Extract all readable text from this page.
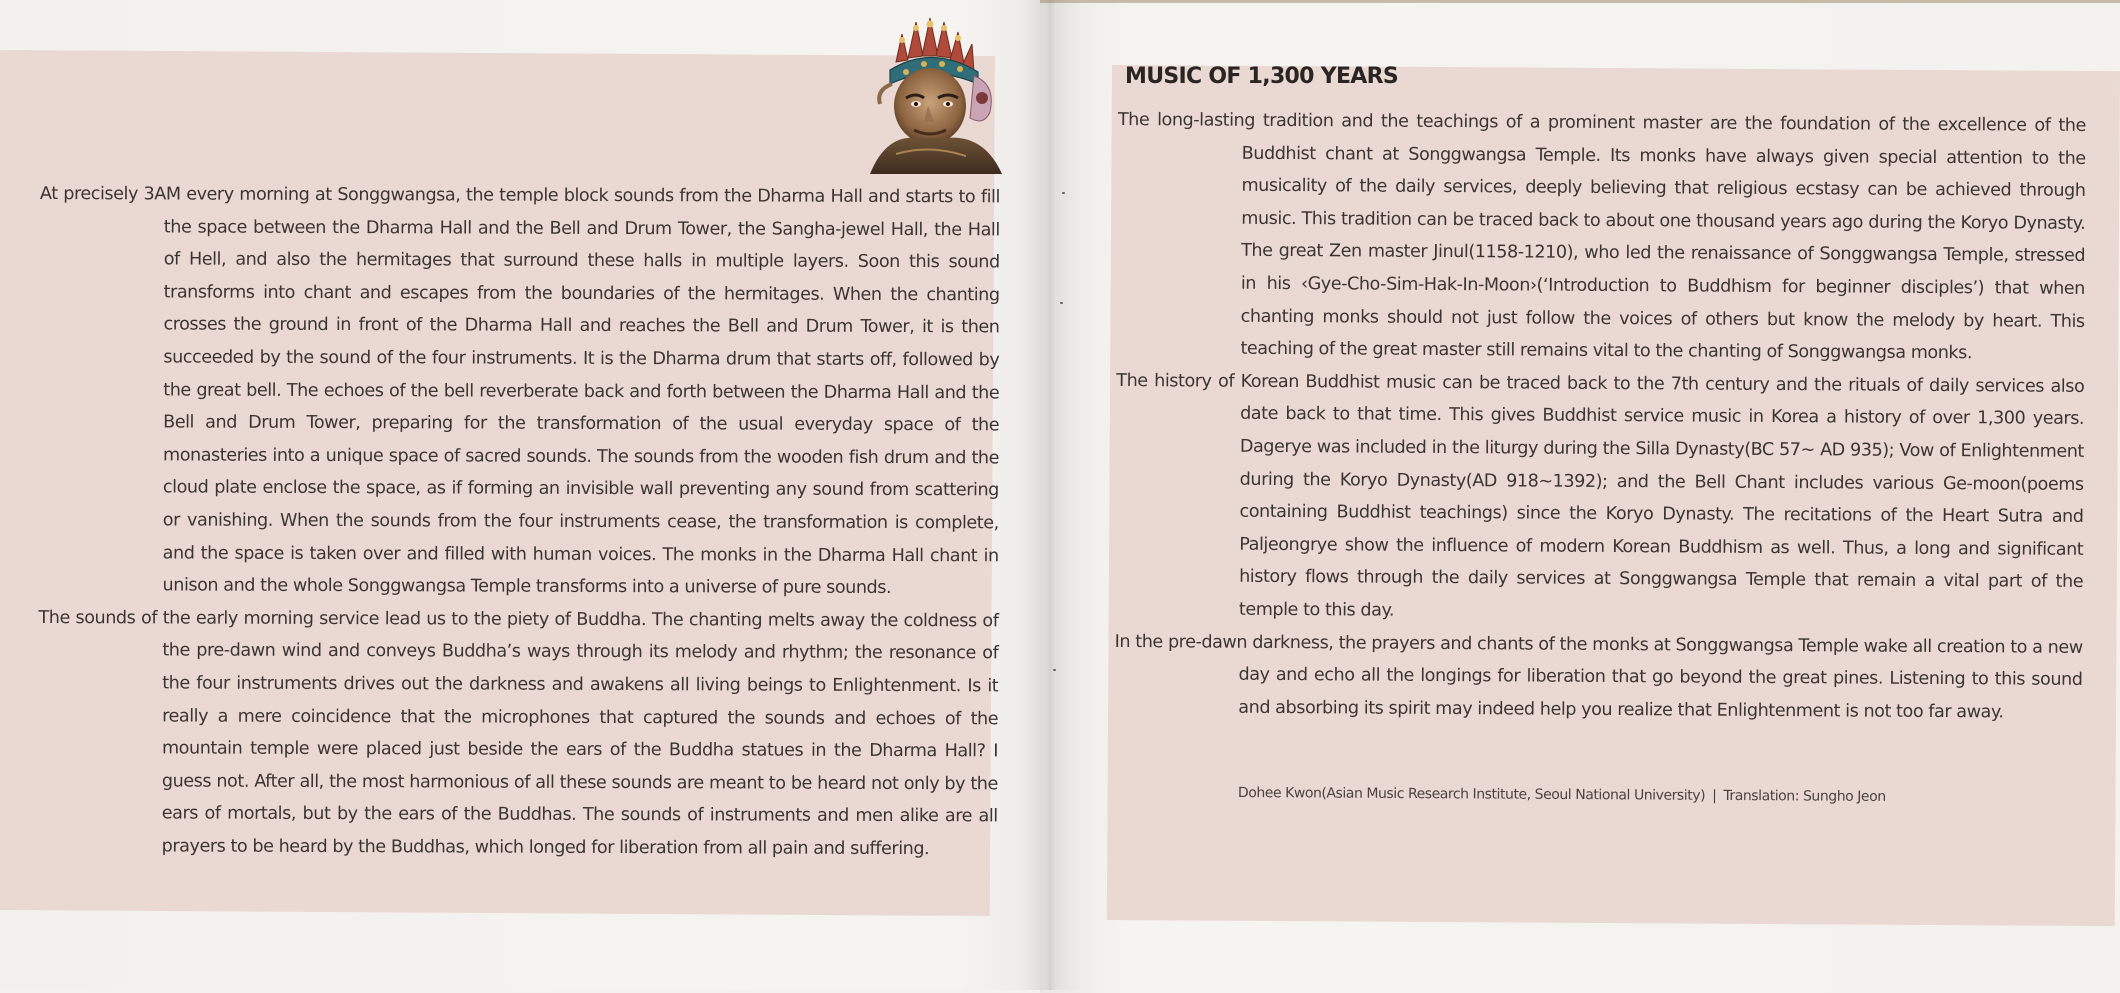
MUSIC OF 1,300 YEARS

At precisely 3AM every morning at Songgwangsa, the temple block sounds from the Dharma Hall and starts to fill the space between the Dharma Hall and the Bell and Drum Tower, the Sangha-jewel Hall, the Hall of Hell, and also the hermitages that surround these halls in multiple layers. Soon this sound transforms into chant and escapes from the boundaries of the hermitages. When the chanting crosses the ground in front of the Dharma Hall and reaches the Bell and Drum Tower, it is then succeeded by the sound of the four instruments. It is the Dharma drum that starts off, followed by the great bell. The echoes of the bell reverberate back and forth between the Dharma Hall and the Bell and Drum Tower, preparing for the transformation of the usual everyday space of the monasteries into a unique space of sacred sounds. The sounds from the wooden fish drum and the cloud plate enclose the space, as if forming an invisible wall preventing any sound from scattering or vanishing. When the sounds from the four instruments cease, the transformation is complete, and the space is taken over and filled with human voices. The monks in the Dharma Hall chant in unison and the whole Songgwangsa Temple transforms into a universe of pure sounds.

The sounds of the early morning service lead us to the piety of Buddha. The chanting melts away the coldness of the pre-dawn wind and conveys Buddha’s ways through its melody and rhythm; the resonance of the four instruments drives out the darkness and awakens all living beings to Enlightenment. Is it really a mere coincidence that the microphones that captured the sounds and echoes of the mountain temple were placed just beside the ears of the Buddha statues in the Dharma Hall? I guess not. After all, the most harmonious of all these sounds are meant to be heard not only by the ears of mortals, but by the ears of the Buddhas. The sounds of instruments and men alike are all prayers to be heard by the Buddhas, which longed for liberation from all pain and suffering.

The long-lasting tradition and the teachings of a prominent master are the foundation of the excellence of the Buddhist chant at Songgwangsa Temple. Its monks have always given special attention to the musicality of the daily services, deeply believing that religious ecstasy can be achieved through music. This tradition can be traced back to about one thousand years ago during the Koryo Dynasty. The great Zen master Jinul(1158-1210), who led the renaissance of Songgwangsa Temple, stressed in his ‹Gye-Cho-Sim-Hak-In-Moon›(‘Introduction to Buddhism for beginner disciples’) that when chanting monks should not just follow the voices of others but know the melody by heart. This teaching of the great master still remains vital to the chanting of Songgwangsa monks.

The history of Korean Buddhist music can be traced back to the 7th century and the rituals of daily services also date back to that time. This gives Buddhist service music in Korea a history of over 1,300 years. Dagerye was included in the liturgy during the Silla Dynasty(BC 57~ AD 935); Vow of Enlightenment during the Koryo Dynasty(AD 918~1392); and the Bell Chant includes various Ge-moon(poems containing Buddhist teachings) since the Koryo Dynasty. The recitations of the Heart Sutra and Paljeongrye show the influence of modern Korean Buddhism as well. Thus, a long and significant history flows through the daily services at Songgwangsa Temple that remain a vital part of the temple to this day.

In the pre-dawn darkness, the prayers and chants of the monks at Songgwangsa Temple wake all creation to a new day and echo all the longings for liberation that go beyond the great pines. Listening to this sound and absorbing its spirit may indeed help you realize that Enlightenment is not too far away.

Dohee Kwon(Asian Music Research Institute, Seoul National University) | Translation: Sungho Jeon
